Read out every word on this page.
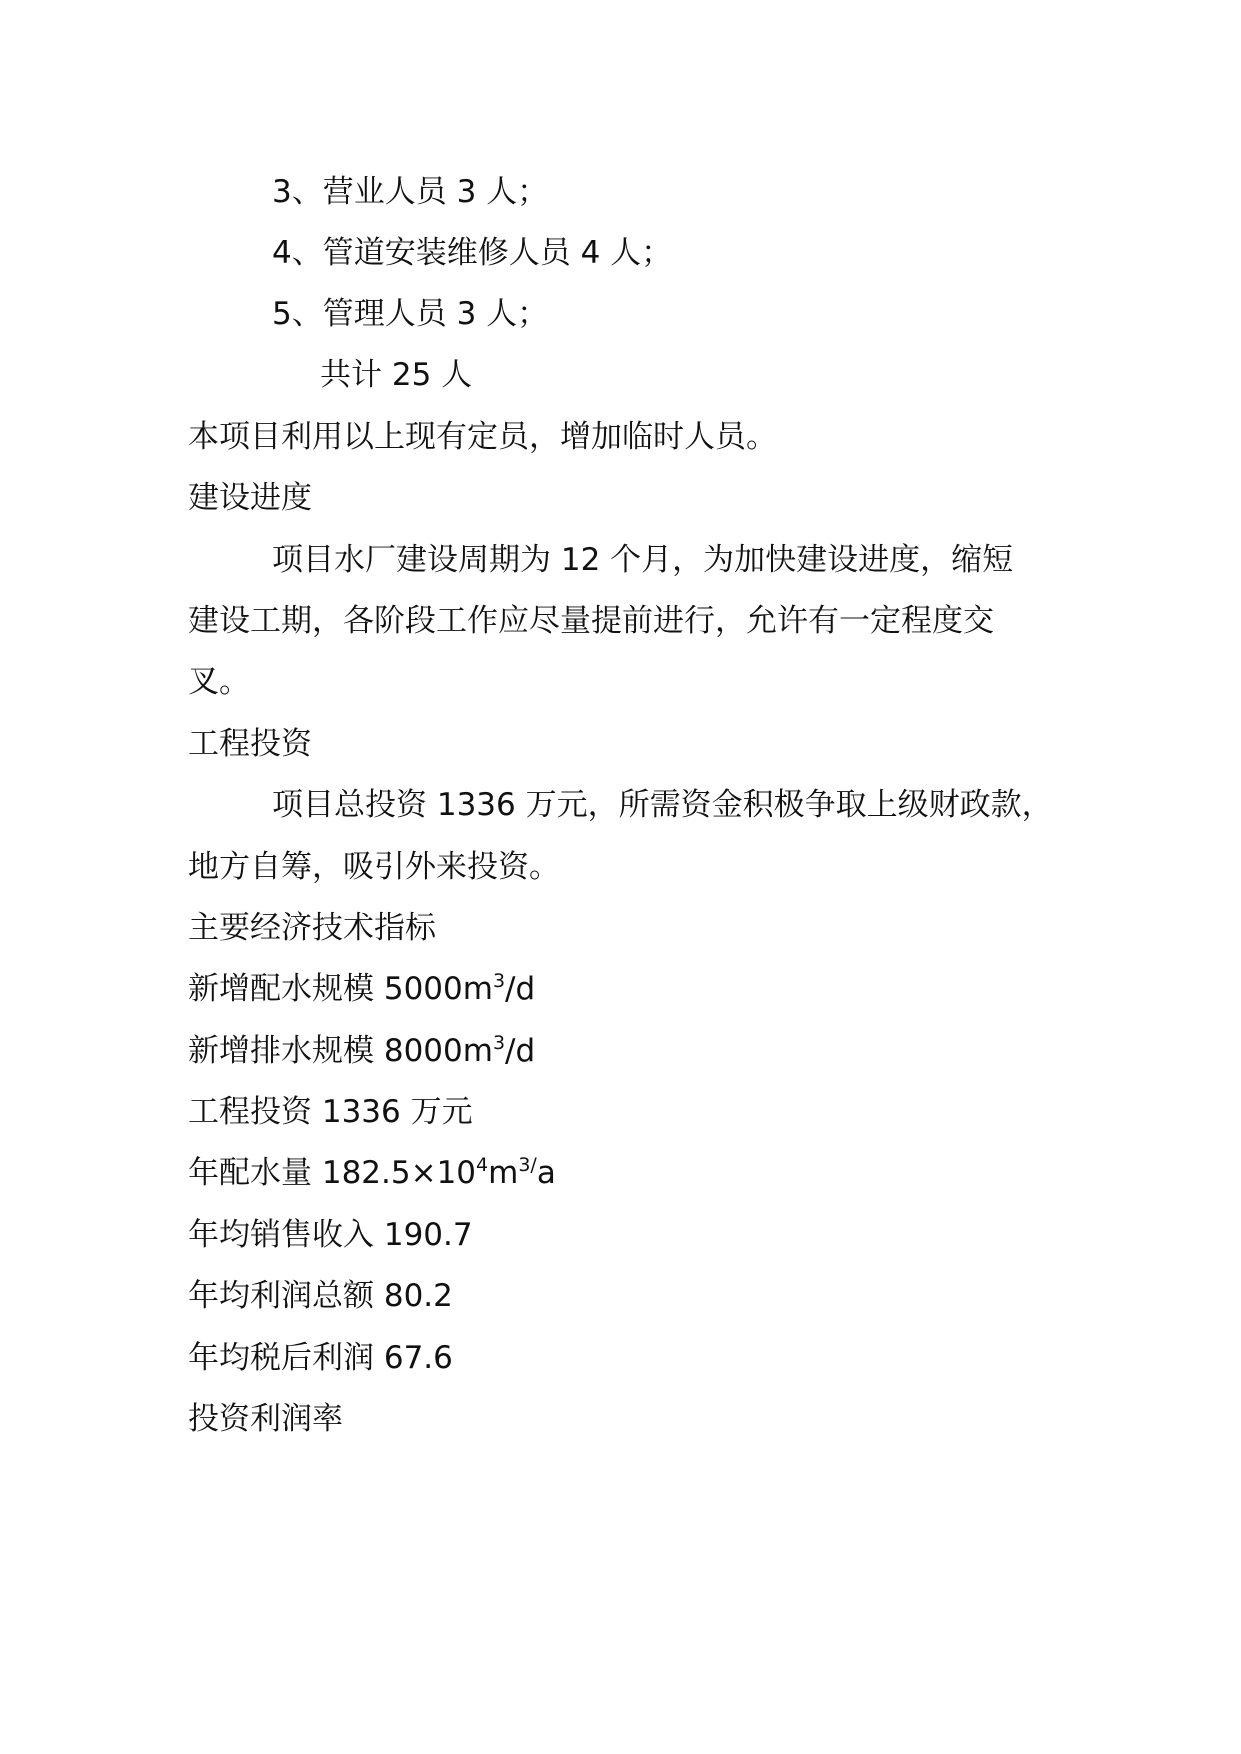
3、营业人员 3 人；
4、管道安装维修人员 4 人；
5、管理人员 3 人；
共计 25 人
本项目利用以上现有定员，增加临时人员。
建设进度
项目水厂建设周期为 12 个月，为加快建设进度，缩短
建设工期，各阶段工作应尽量提前进行，允许有一定程度交
叉。
工程投资
项目总投资 1336 万元，所需资金积极争取上级财政款，
地方自筹，吸引外来投资。
主要经济技术指标
新增配水规模 $5000m^3/d$
新增排水规模 $8000m^3/d$
工程投资 1336 万元
年配水量 $182.5\times 10^4m^{3/}a$
年均销售收入 190.7
年均利润总额 80.2
年均税后利润 67.6
投资利润率
